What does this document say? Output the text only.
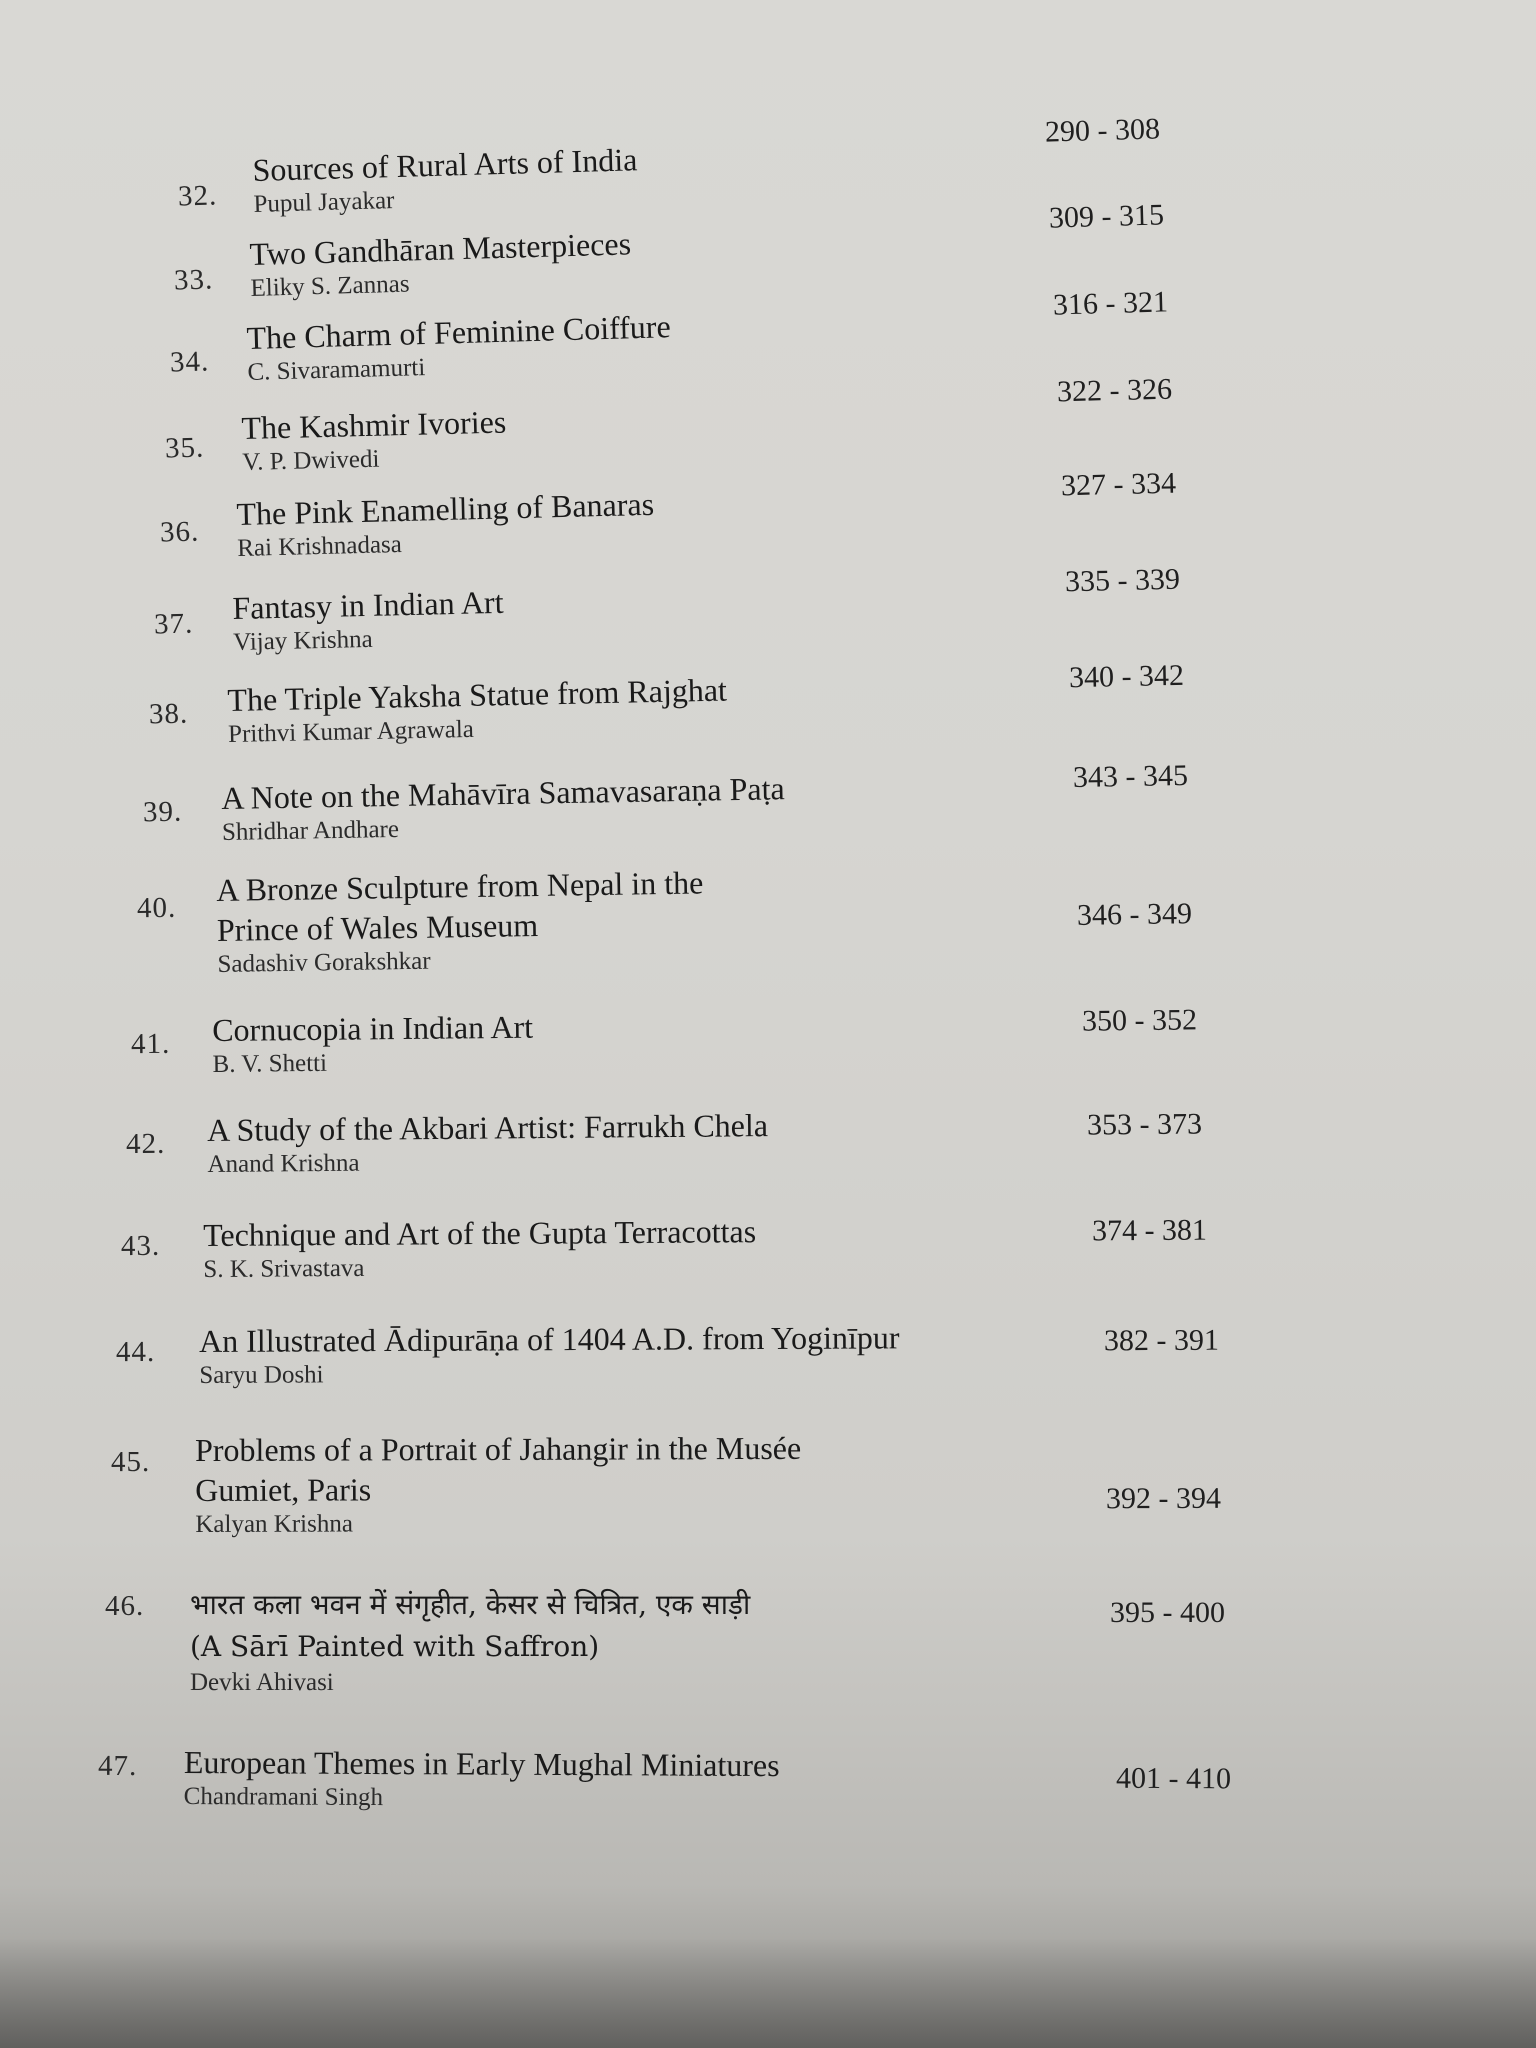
32.
Sources of Rural Arts of India
Pupul Jayakar
290 - 308
33.
Two Gandhāran Masterpieces
Eliky S. Zannas
309 - 315
34.
The Charm of Feminine Coiffure
C. Sivaramamurti
316 - 321
35.
The Kashmir Ivories
V. P. Dwivedi
322 - 326
36.
The Pink Enamelling of Banaras
Rai Krishnadasa
327 - 334
37. Fantasy in Indian Art
Vijay Krishna
335 - 339
38. The Triple Yaksha Statue from Rajghat
Prithvi Kumar Agrawala
340 - 342
39. A Note on the Mahāvīra Samavasaraṇa Paṭa
Shridhar Andhare
343 - 345
40.
A Bronze Sculpture from Nepal in the
Prince of Wales Museum
Sadashiv Gorakshkar
346 - 349
41. Cornucopia in Indian Art
B. V. Shetti
350 - 352
42. A Study of the Akbari Artist: Farrukh Chela
Anand Krishna
353 - 373
43. Technique and Art of the Gupta Terracottas
S. K. Srivastava
374 - 381
44. An Illustrated Ādipurāṇa of 1404 A.D. from Yoginīpur
Saryu Doshi
382 - 391
45. Problems of a Portrait of Jahangir in the Musée
Gumiet, Paris
Kalyan Krishna
392 - 394
46. भारत कला भवन में संगृहीत, केसर से चित्रित, एक साड़ी
(A Sārī Painted with Saffron)
Devki Ahivasi
395 - 400
47. European Themes in Early Mughal Miniatures
Chandramani Singh
401 - 410
